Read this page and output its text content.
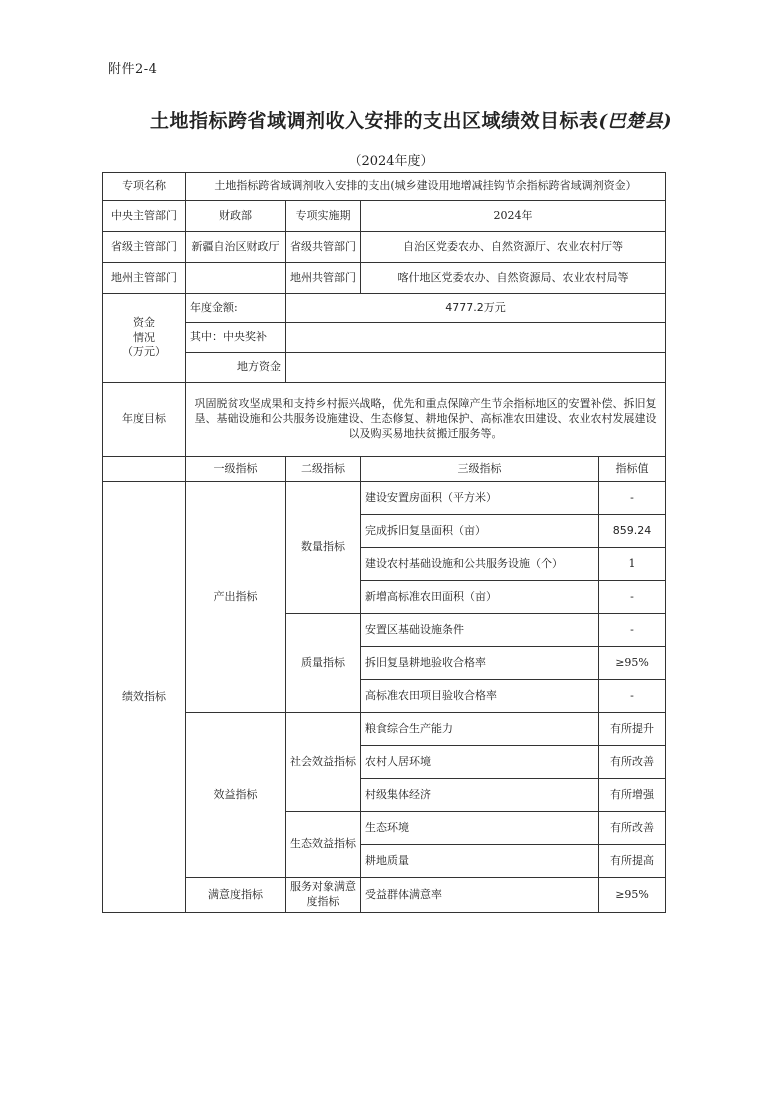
附件2-4
土地指标跨省域调剂收入安排的支出区域绩效目标表(巴楚县)
（2024年度）
专项名称	土地指标跨省域调剂收入安排的支出(城乡建设用地增减挂钩节余指标跨省域调剂资金）			
中央主管部门	财政部	专项实施期	2024年	
省级主管部门	新疆自治区财政厅	省级共管部门	自治区党委农办、自然资源厅、农业农村厅等	
地州主管部门		地州共管部门	喀什地区党委农办、自然资源局、农业农村局等	
资金
情况
（万元）	年度金额:	4777.2万元		
	其中：中央奖补			
	地方资金			
年度目标	巩固脱贫攻坚成果和支持乡村振兴战略，优先和重点保障产生节余指标地区的安置补偿、拆旧复垦、基础设施和公共服务设施建设、生态修复、耕地保护、高标准农田建设、农业农村发展建设以及购买易地扶贫搬迁服务等。			
	一级指标	二级指标	三级指标	指标值
绩效指标	产出指标	数量指标	建设安置房面积（平方米）	-
			完成拆旧复垦面积（亩）	859.24
			建设农村基础设施和公共服务设施（个）	1
			新增高标准农田面积（亩）	-
		质量指标	安置区基础设施条件	-
			拆旧复垦耕地验收合格率	≥95%
			高标准农田项目验收合格率	-
	效益指标	社会效益指标	粮食综合生产能力	有所提升
			农村人居环境	有所改善
			村级集体经济	有所增强
		生态效益指标	生态环境	有所改善
			耕地质量	有所提高
	满意度指标	服务对象满意度指标	受益群体满意率	≥95%
